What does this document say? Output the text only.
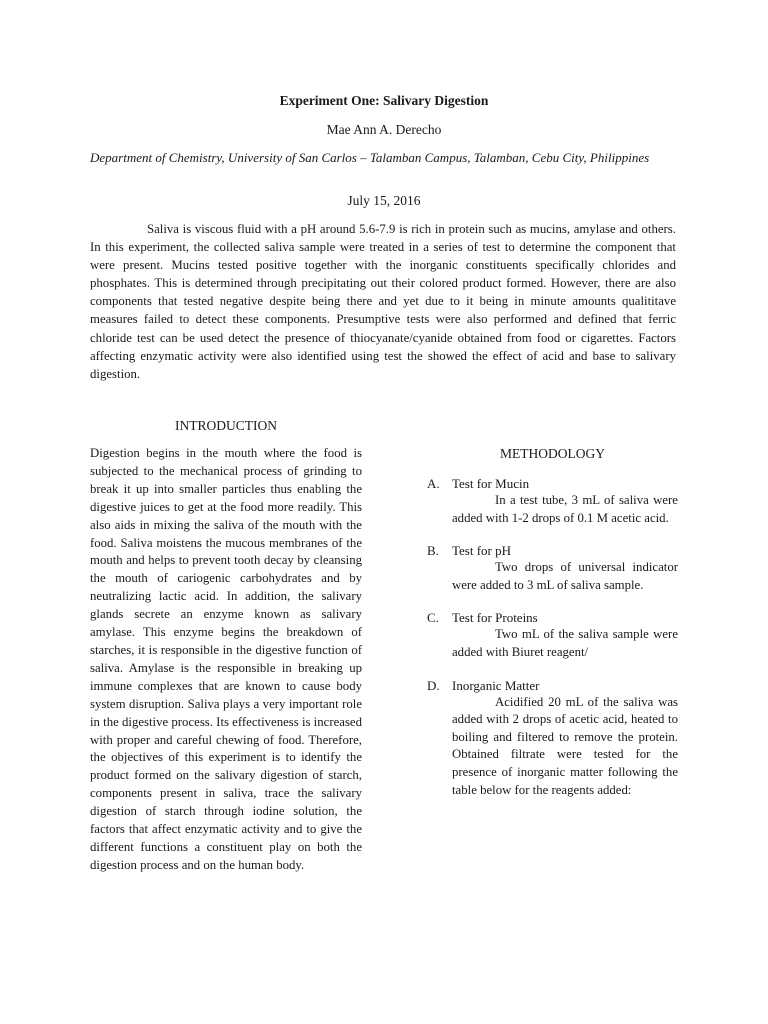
Experiment One: Salivary Digestion
Mae Ann A. Derecho
Department of Chemistry, University of San Carlos – Talamban Campus, Talamban, Cebu City, Philippines
July 15, 2016

Saliva is viscous fluid with a pH around 5.6-7.9 is rich in protein such as mucins, amylase and others. In this experiment, the collected saliva sample were treated in a series of test to determine the component that were present. Mucins tested positive together with the inorganic constituents specifically chlorides and phosphates. This is determined through precipitating out their colored product formed. However, there are also components that tested negative despite being there and yet due to it being in minute amounts qualititave measures failed to detect these components. Presumptive tests were also performed and defined that ferric chloride test can be used detect the presence of thiocyanate/cyanide obtained from food or cigarettes. Factors affecting enzymatic activity were also identified using test the showed the effect of acid and base to salivary digestion.

INTRODUCTION

Digestion begins in the mouth where the food is subjected to the mechanical process of grinding to break it up into smaller particles thus enabling the digestive juices to get at the food more readily. This also aids in mixing the saliva of the mouth with the food. Saliva moistens the mucous membranes of the mouth and helps to prevent tooth decay by cleansing the mouth of cariogenic carbohydrates and by neutralizing lactic acid. In addition, the salivary glands secrete an enzyme known as salivary amylase. This enzyme begins the breakdown of starches, it is responsible in the digestive function of saliva. Amylase is the responsible in breaking up immune complexes that are known to cause body system disruption. Saliva plays a very important role in the digestive process. Its effectiveness is increased with proper and careful chewing of food. Therefore, the objectives of this experiment is to identify the product formed on the salivary digestion of starch, components present in saliva, trace the salivary digestion of starch through iodine solution, the factors that affect enzymatic activity and to give the different functions a constituent play on both the digestion process and on the human body.

METHODOLOGY

A. Test for Mucin

In a test tube, 3 mL of saliva were added with 1-2 drops of 0.1 M acetic acid.

B.	Test for pH

Two drops of universal indicator were added to 3 mL of saliva sample.

C.	Test for Proteins

Two mL of the saliva sample were added with Biuret reagent/

D. Inorganic Matter

Acidified 20 mL of the saliva was added with 2 drops of acetic acid, heated to boiling and filtered to remove the protein. Obtained filtrate were tested for the presence of inorganic matter following the table below for the reagents added:
